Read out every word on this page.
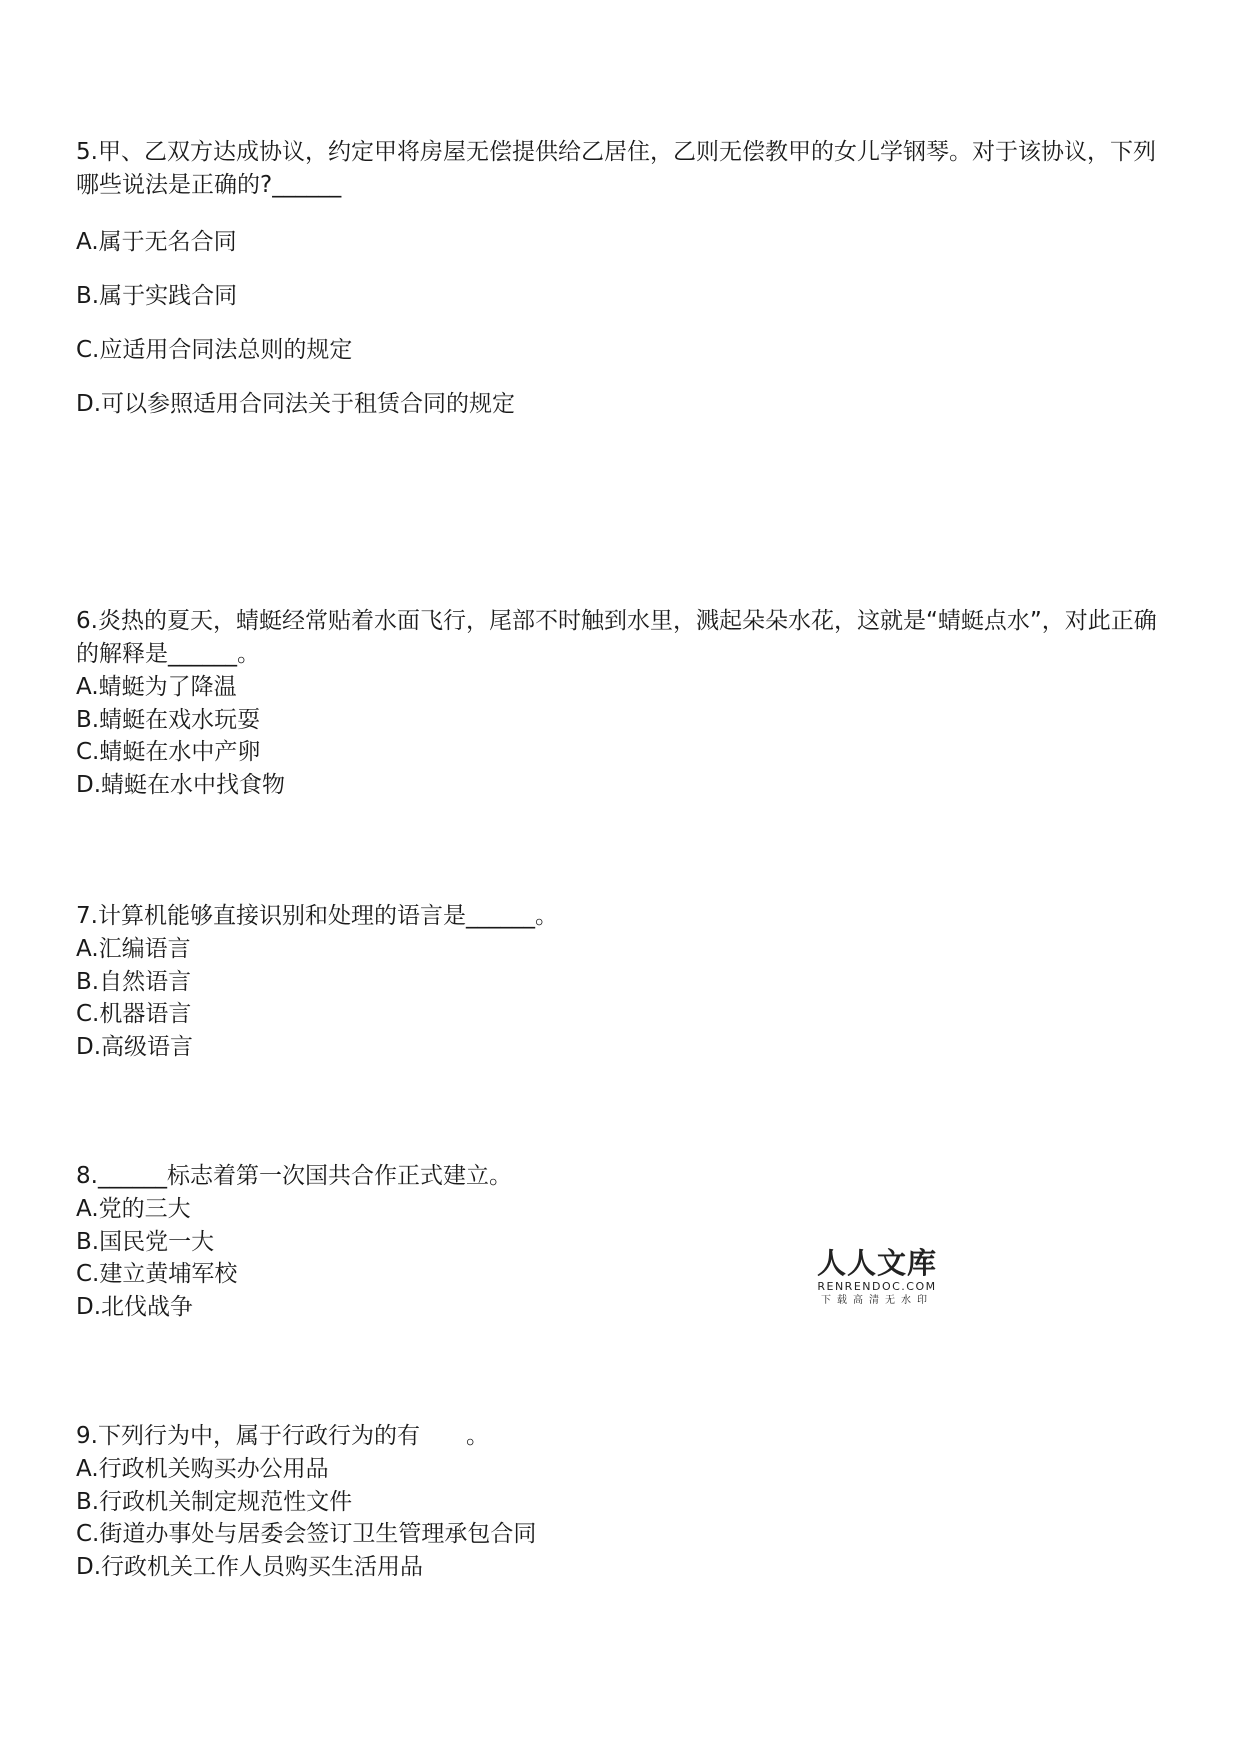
5.甲、乙双方达成协议，约定甲将房屋无偿提供给乙居住，乙则无偿教甲的女儿学钢琴。对于该协议，下列哪些说法是正确的?______

A.属于无名合同

B.属于实践合同

C.应适用合同法总则的规定

D.可以参照适用合同法关于租赁合同的规定

6.炎热的夏天，蜻蜓经常贴着水面飞行，尾部不时触到水里，溅起朵朵水花，这就是“蜻蜓点水”，对此正确的解释是______。

A.蜻蜓为了降温

B.蜻蜓在戏水玩耍

C.蜻蜓在水中产卵

D.蜻蜓在水中找食物

7.计算机能够直接识别和处理的语言是______。

A.汇编语言

B.自然语言

C.机器语言

D.高级语言

8.______标志着第一次国共合作正式建立。

A.党的三大

B.国民党一大

C.建立黄埔军校

D.北伐战争

9.下列行为中，属于行政行为的有　　。

A.行政机关购买办公用品

B.行政机关制定规范性文件

C.街道办事处与居委会签订卫生管理承包合同

D.行政机关工作人员购买生活用品

人人文库
RENRENDOC.COM
下载高清无水印
